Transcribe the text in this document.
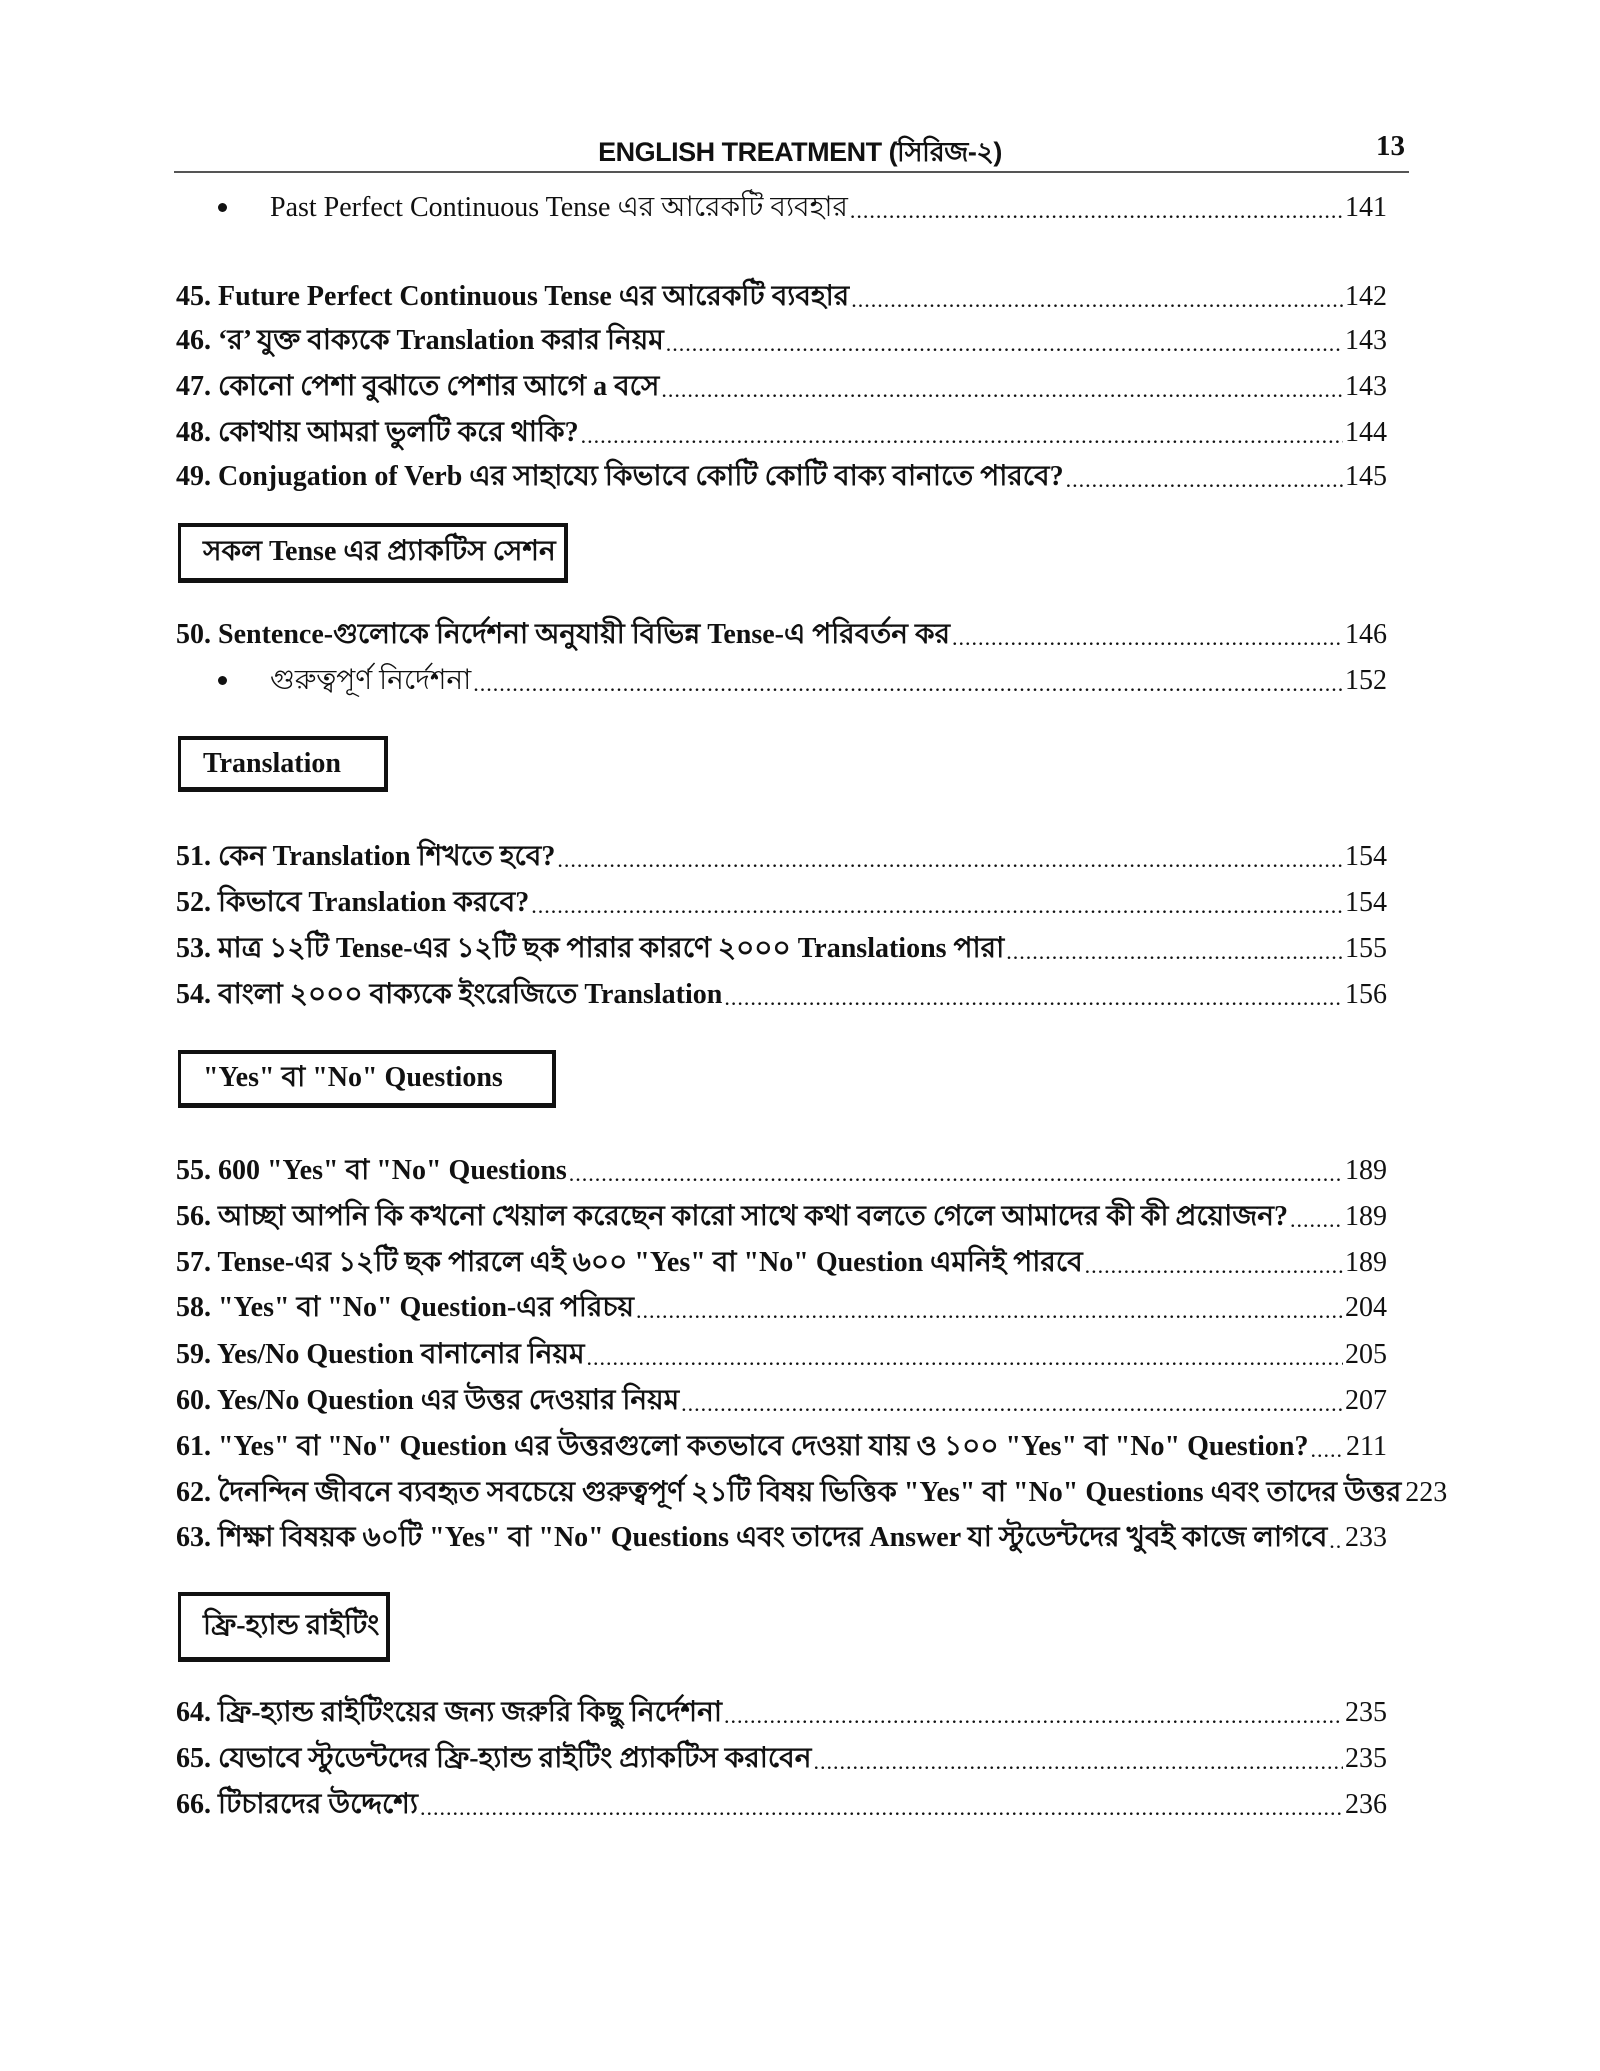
ENGLISH TREATMENT (সিরিজ-২)	13
Past Perfect Continuous Tense এর আরেকটি ব্যবহার .....	141
45. Future Perfect Continuous Tense এর আরেকটি ব্যবহার .....	142
46. ‘র’ যুক্ত বাক্যকে Translation করার নিয়ম .....	143
47. কোনো পেশা বুঝাতে পেশার আগে a বসে .....	143
48. কোথায় আমরা ভুলটি করে থাকি? .....	144
49. Conjugation of Verb এর সাহায্যে কিভাবে কোটি কোটি বাক্য বানাতে পারবে? .....	145
সকল Tense এর প্র্যাকটিস সেশন
50. Sentence-গুলোকে নির্দেশনা অনুযায়ী বিভিন্ন Tense-এ পরিবর্তন কর .....	146
গুরুত্বপূর্ণ নির্দেশনা .....	152
Translation
51. কেন Translation শিখতে হবে? .....	154
52. কিভাবে Translation করবে? .....	154
53. মাত্র ১২টি Tense-এর ১২টি ছক পারার কারণে ২০০০ Translations পারা .....	155
54. বাংলা ২০০০ বাক্যকে ইংরেজিতে Translation .....	156
"Yes" বা "No" Questions
55. 600 "Yes" বা "No" Questions .....	189
56. আচ্ছা আপনি কি কখনো খেয়াল করেছেন কারো সাথে কথা বলতে গেলে আমাদের কী কী প্রয়োজন? ..... 189
57. Tense-এর ১২টি ছক পারলে এই ৬০০ "Yes" বা "No" Question এমনিই পারবে .....	189
58. "Yes" বা "No" Question-এর পরিচয় .....	204
59. Yes/No Question বানানোর নিয়ম .....	205
60. Yes/No Question এর উত্তর দেওয়ার নিয়ম .....	207
61. "Yes" বা "No" Question এর উত্তরগুলো কতভাবে দেওয়া যায় ও ১০০ "Yes" বা "No" Question? ..... 211
62. দৈনন্দিন জীবনে ব্যবহৃত সবচেয়ে গুরুত্বপূর্ণ ২১টি বিষয় ভিত্তিক "Yes" বা "No" Questions এবং তাদের উত্তর 223
63. শিক্ষা বিষয়ক ৬০টি "Yes" বা "No" Questions এবং তাদের Answer যা স্টুডেন্টদের খুবই কাজে লাগবে ..... 233
ফ্রি-হ্যান্ড রাইটিং
64. ফ্রি-হ্যান্ড রাইটিংয়ের জন্য জরুরি কিছু নির্দেশনা .....	235
65. যেভাবে স্টুডেন্টদের ফ্রি-হ্যান্ড রাইটিং প্র্যাকটিস করাবেন .....	235
66. টিচারদের উদ্দেশ্যে .....	236
